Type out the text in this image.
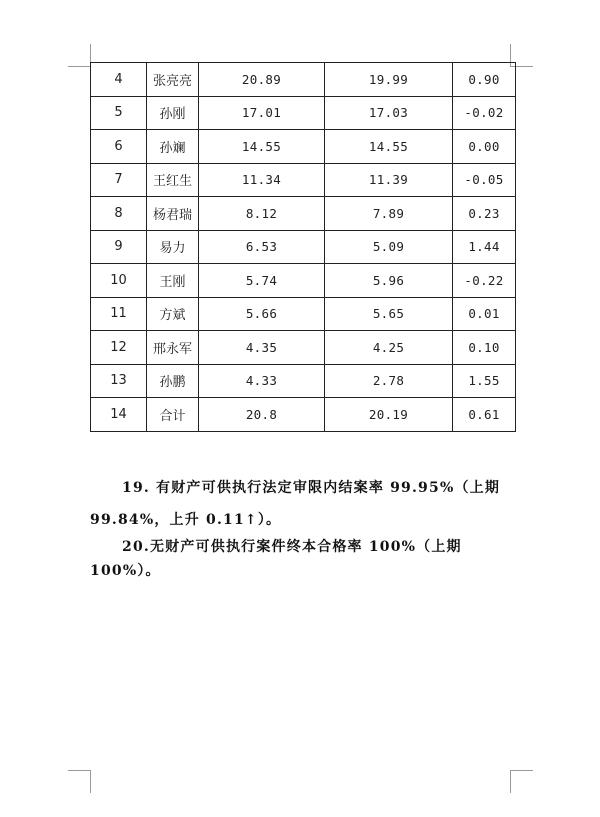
4	张亮亮	20.89	19.99	0.90
5	孙刚	17.01	17.03	-0.02
6	孙斓	14.55	14.55	0.00
7	王红生	11.34	11.39	-0.05
8	杨君瑞	8.12	7.89	0.23
9	易力	6.53	5.09	1.44
10	王刚	5.74	5.96	-0.22
11	方斌	5.66	5.65	0.01
12	邢永军	4.35	4.25	0.10
13	孙鹏	4.33	2.78	1.55
14	合计	20.8	20.19	0.61
19. 有财产可供执行法定审限内结案率 99.95%（上期 99.84%，上升 0.11↑）。
20.无财产可供执行案件终本合格率 100%（上期 100%）。
